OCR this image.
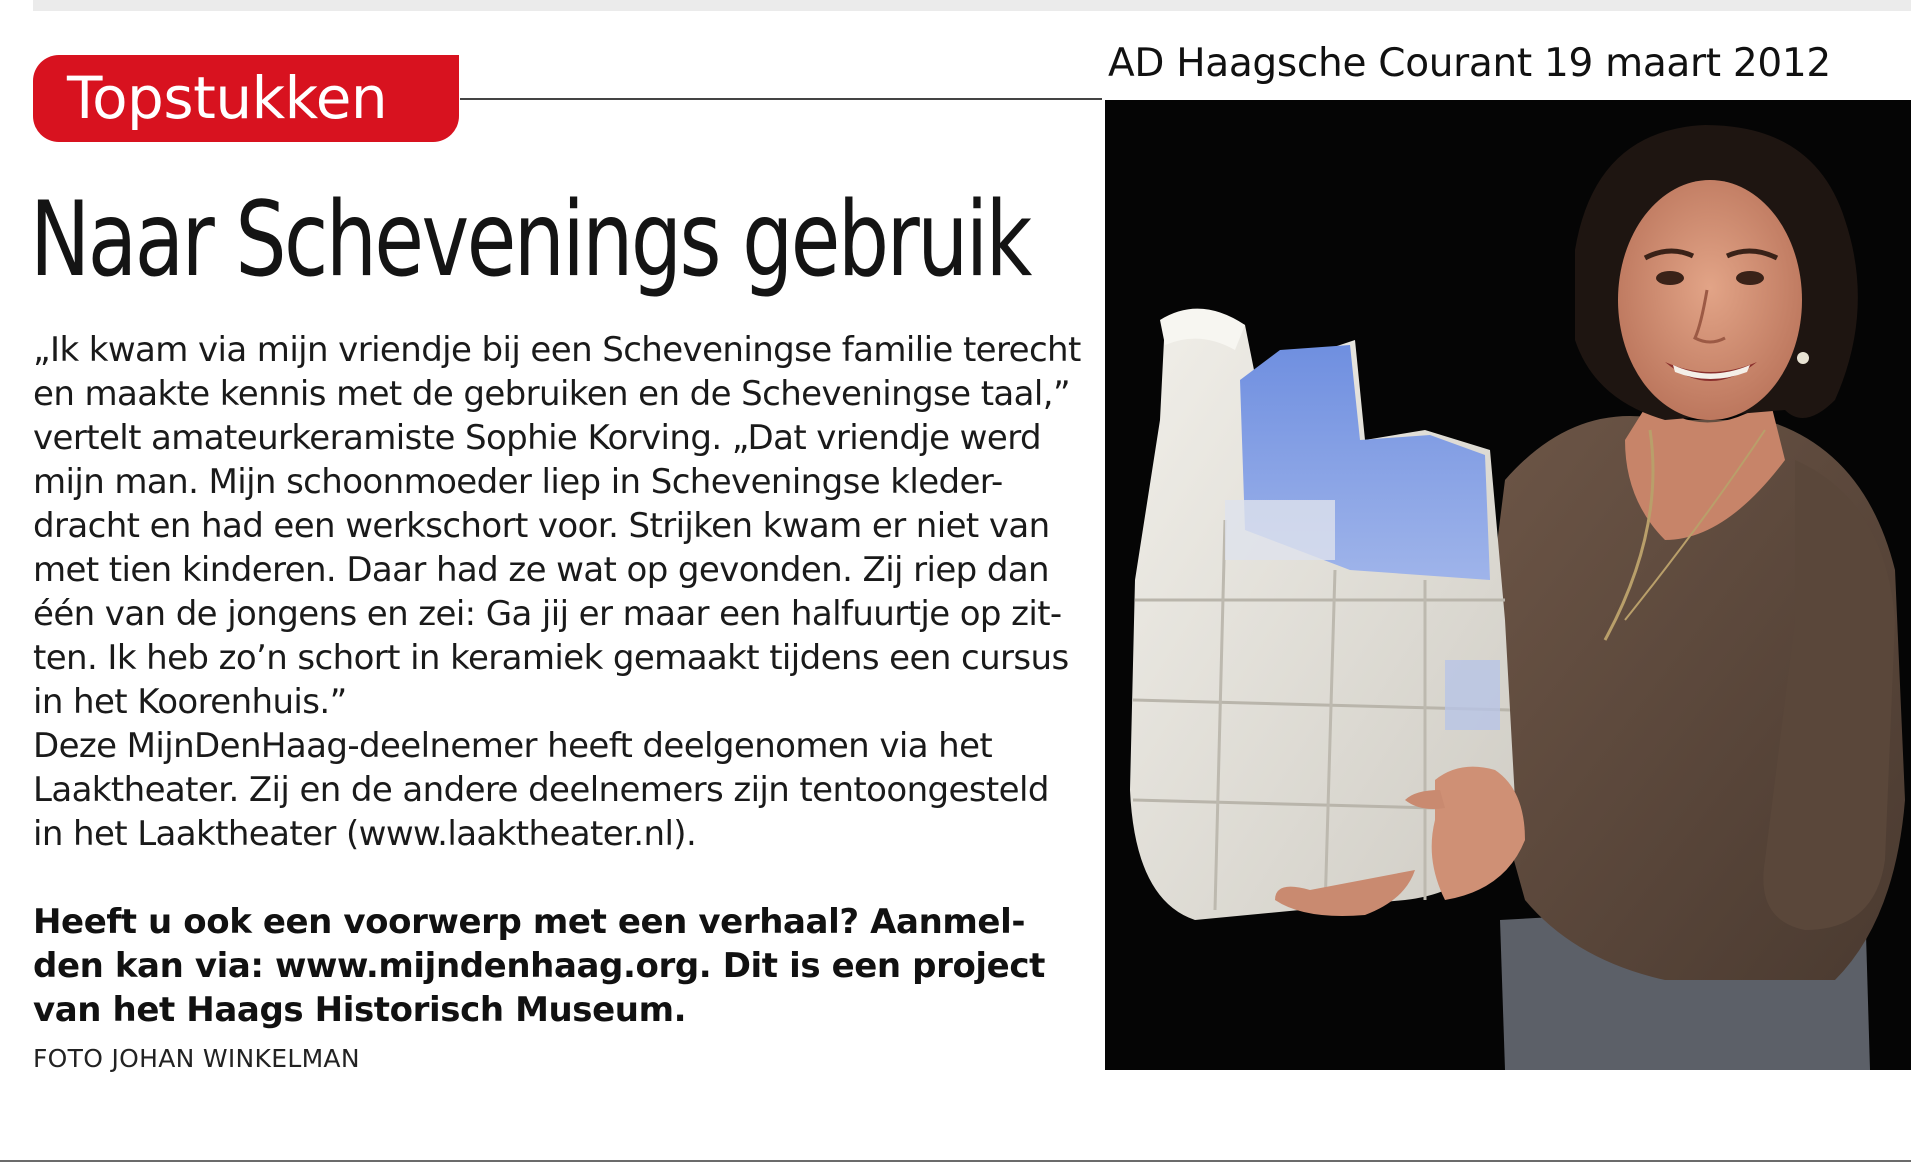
AD Haagsche Courant 19 maart 2012
Topstukken
Naar Schevenings gebruik
„Ik kwam via mijn vriendje bij een Scheveningse familie terecht
en maakte kennis met de gebruiken en de Scheveningse taal,”
vertelt amateurkeramiste Sophie Korving. „Dat vriendje werd
mijn man. Mijn schoonmoeder liep in Scheveningse kleder-
dracht en had een werkschort voor. Strijken kwam er niet van
met tien kinderen. Daar had ze wat op gevonden. Zij riep dan
één van de jongens en zei: Ga jij er maar een halfuurtje op zit-
ten. Ik heb zo’n schort in keramiek gemaakt tijdens een cursus
in het Koorenhuis.”
Deze MijnDenHaag-deelnemer heeft deelgenomen via het
Laaktheater. Zij en de andere deelnemers zijn tentoongesteld
in het Laaktheater (www.laaktheater.nl).
Heeft u ook een voorwerp met een verhaal? Aanmel-
den kan via: www.mijndenhaag.org. Dit is een project
van het Haags Historisch Museum.
FOTO JOHAN WINKELMAN
